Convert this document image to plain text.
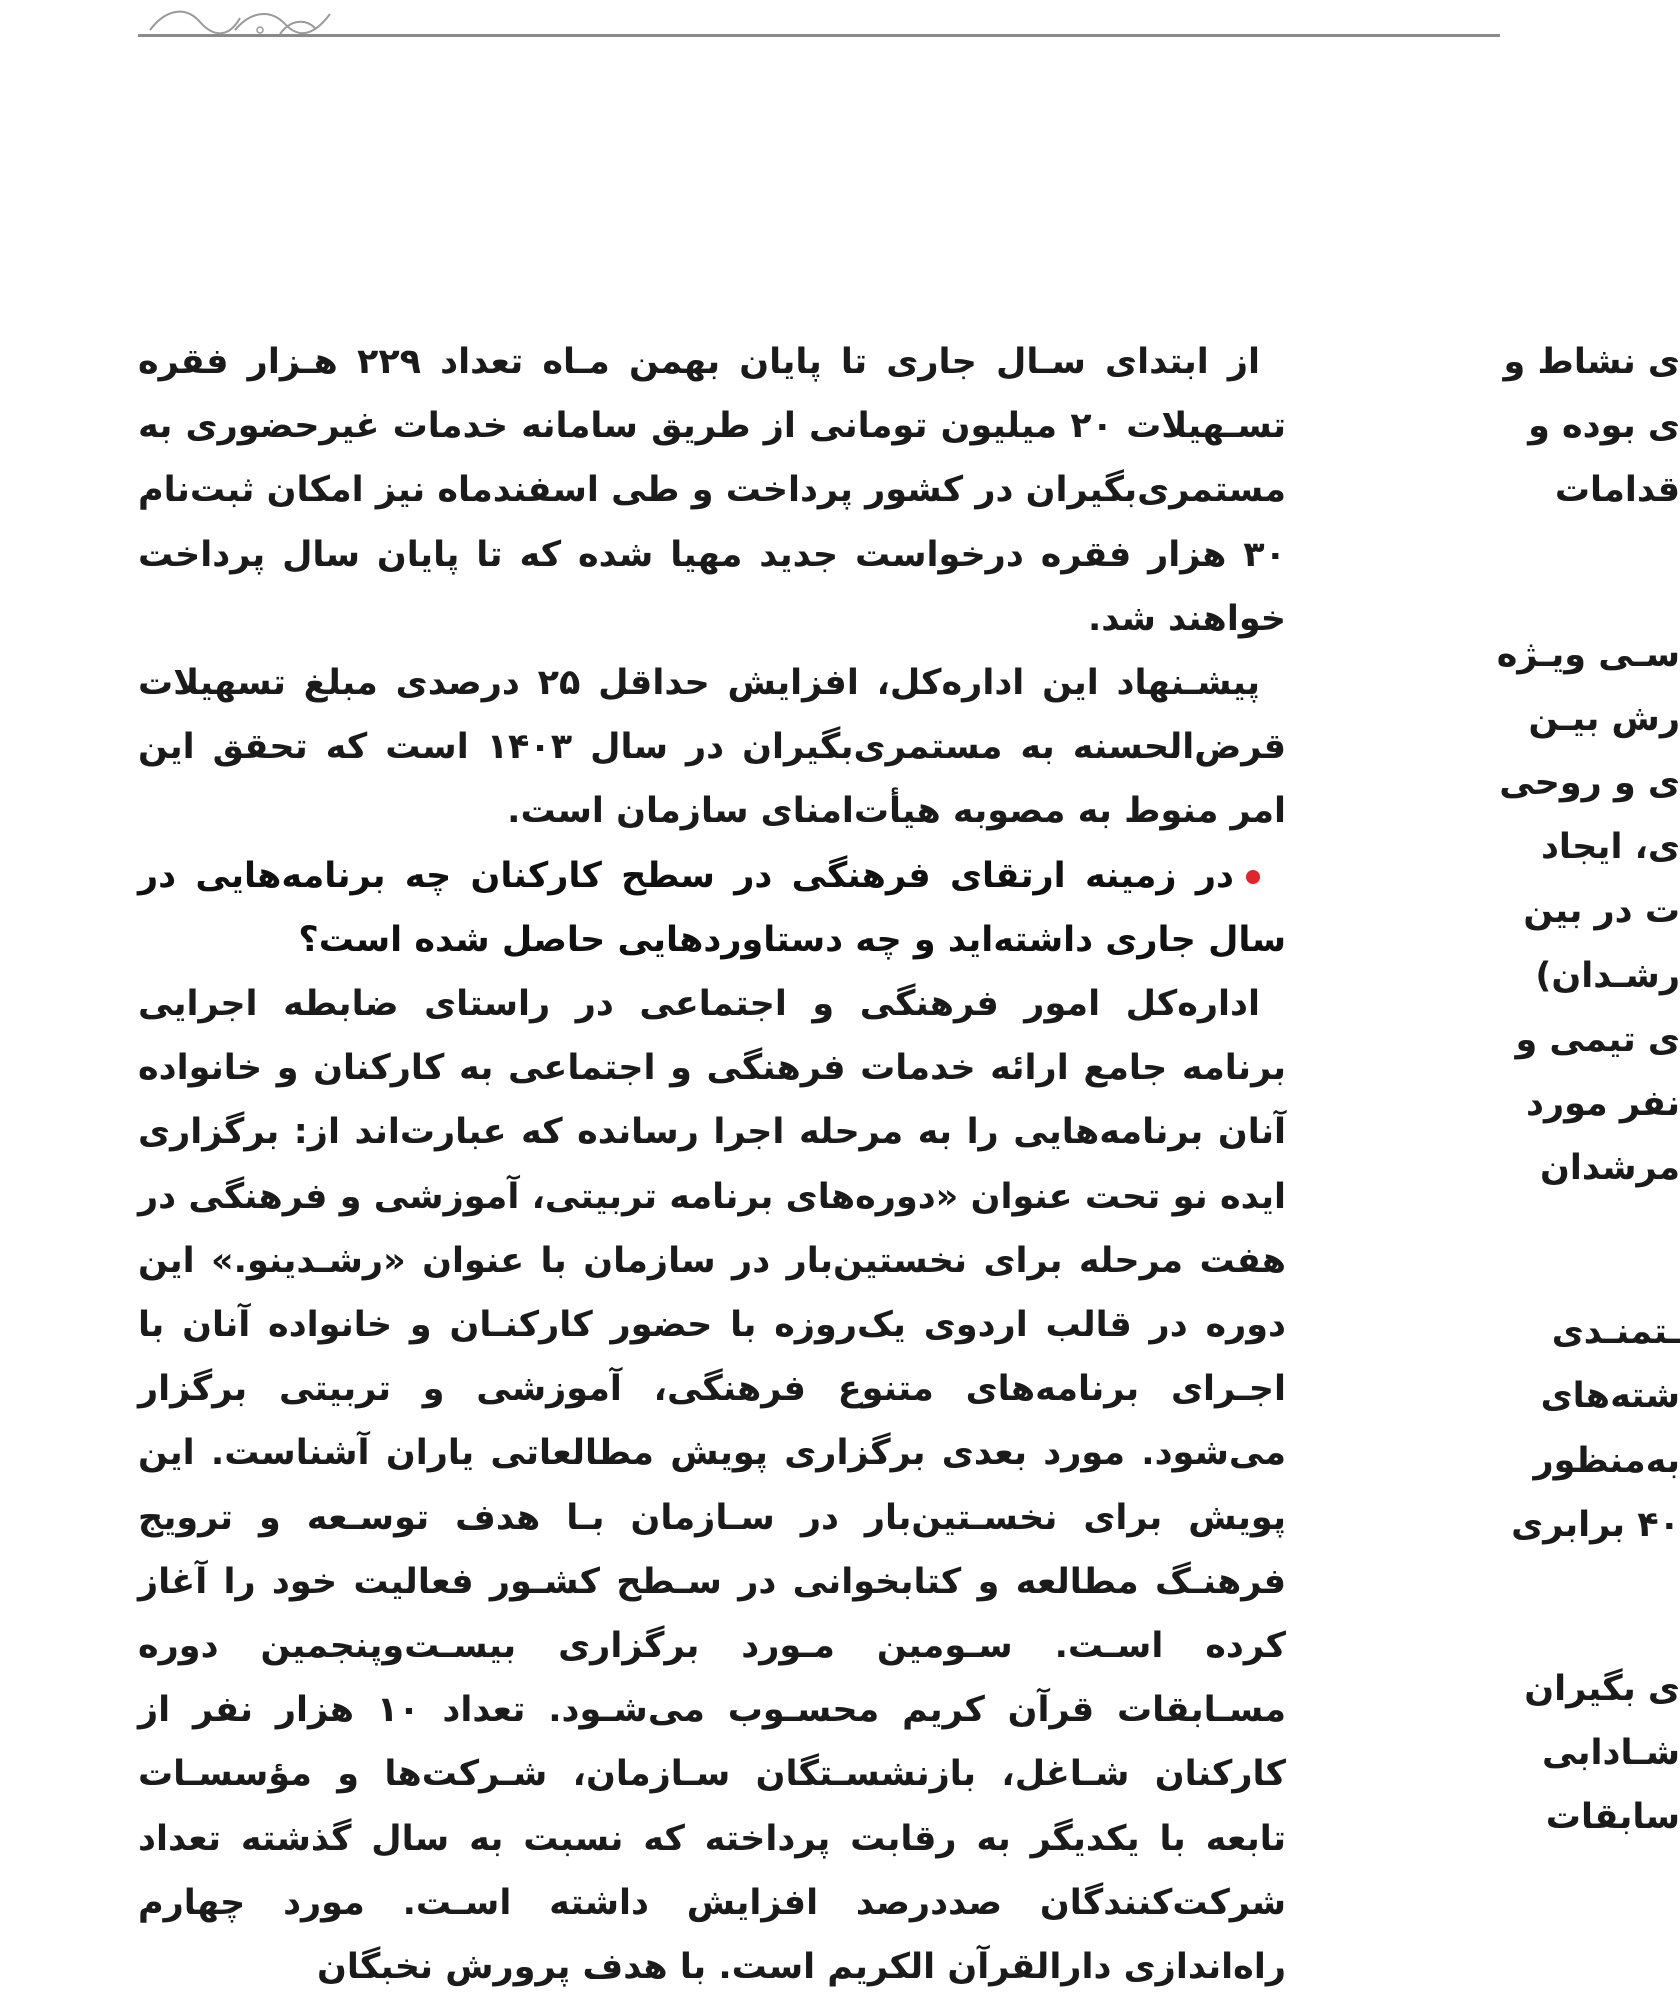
از ابتدای سـال جاری تا پایان بهمن مـاه تعداد ۲۲۹ هـزار فقره تسـهیلات ۲۰ میلیون تومانی از طریق سامانه خدمات غیرحضوری به مستمری‌بگیران در کشور پرداخت و طی اسفندماه نیز امکان ثبت‌نام ۳۰ هزار فقره درخواست جدید مهیا شده که تا پایان سال پرداخت خواهند شد.

پیشـنهاد این اداره‌کل، افزایش حداقل ۲۵ درصدی مبلغ تسهیلات قرض‌الحسنه به مستمری‌بگیران در سال ۱۴۰۳ است که تحقق این امر منوط به مصوبه هیأت‌امنای سازمان است.

در زمینه ارتقای فرهنگی در سطح کارکنان چه برنامه‌هایی در سال جاری داشته‌اید و چه دستاوردهایی حاصل شده است؟

اداره‌کل امور فرهنگی و اجتماعی در راستای ضابطه اجرایی برنامه جامع ارائه خدمات فرهنگی و اجتماعی به کارکنان و خانواده آنان برنامه‌هایی را به مرحله اجرا رسانده که عبارت‌اند از: برگزاری ایده نو تحت عنوان «دوره‌های برنامه تربیتی، آموزشی و فرهنگی در هفت مرحله برای نخستین‌بار در سازمان با عنوان «رشـدینو.» این دوره در قالب اردوی یک‌روزه با حضور کارکنـان و خانواده آنان با اجـرای برنامه‌های متنوع فرهنگی، آموزشی و تربیتی برگزار می‌شود. مورد بعدی برگزاری پویش مطالعاتی یاران آشناست. این پویش برای نخسـتین‌بار در سـازمان بـا هدف توسـعه و ترویج فرهنـگ مطالعه و کتابخوانی در سـطح کشـور فعالیت خود را آغاز کرده اسـت. سـومین مـورد برگزاری بیسـت‌وپنجمین دوره مسـابقات قرآن کریم محسـوب می‌شـود. تعداد ۱۰ هزار نفر از کارکنان شـاغل، بازنشسـتگان سـازمان، شـرکت‌ها و مؤسسـات تابعه با یکدیگر به رقابت پرداخته که نسبت به سال گذشته تعداد شرکت‌کنندگان صددرصد افزایش داشته اسـت. مورد چهارم راه‌اندازی دارالقرآن الکریم است. با هدف پرورش نخبگان

ی نشاط و
ی بوده و
قدامات
سـی ویـژه
رش بیـن
ی و روحی
ی، ایجاد
ت در بین
رشـدان)
ی تیمی و
نفر مورد
مرشدان
ـتمنـدی
شته‌های
به‌منظور
۴۰ برابری
ی بگیران
شـادابی
سابقات
